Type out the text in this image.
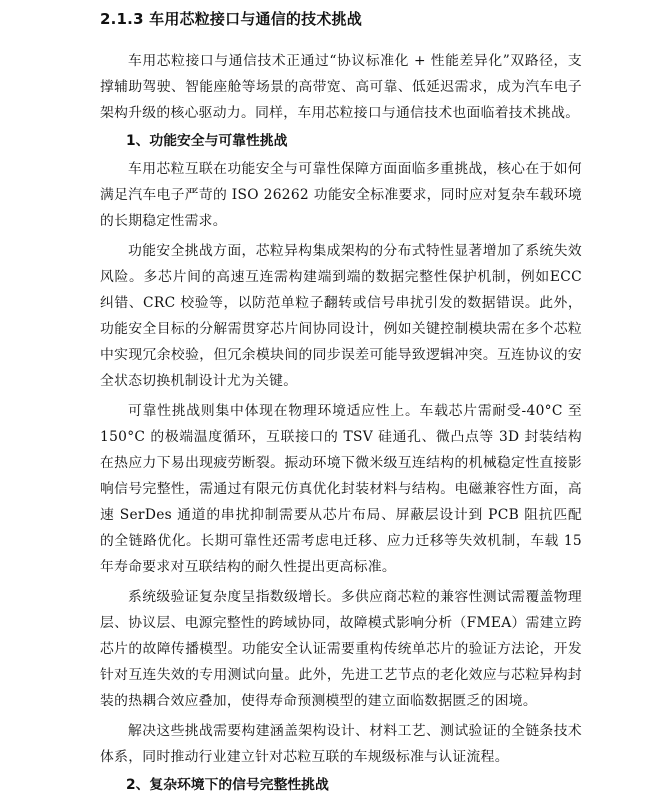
2.1.3 车用芯粒接口与通信的技术挑战

车用芯粒接口与通信技术正通过“协议标准化 + 性能差异化”双路径，支撑辅助驾驶、智能座舱等场景的高带宽、高可靠、低延迟需求，成为汽车电子架构升级的核心驱动力。同样，车用芯粒接口与通信技术也面临着技术挑战。

1、功能安全与可靠性挑战

车用芯粒互联在功能安全与可靠性保障方面面临多重挑战，核心在于如何满足汽车电子严苛的 ISO 26262 功能安全标准要求，同时应对复杂车载环境的长期稳定性需求。

功能安全挑战方面，芯粒异构集成架构的分布式特性显著增加了系统失效风险。多芯片间的高速互连需构建端到端的数据完整性保护机制，例如ECC 纠错、CRC 校验等，以防范单粒子翻转或信号串扰引发的数据错误。此外，功能安全目标的分解需贯穿芯片间协同设计，例如关键控制模块需在多个芯粒中实现冗余校验，但冗余模块间的同步误差可能导致逻辑冲突。互连协议的安全状态切换机制设计尤为关键。

可靠性挑战则集中体现在物理环境适应性上。车载芯片需耐受-40°C 至 150°C 的极端温度循环，互联接口的 TSV 硅通孔、微凸点等 3D 封装结构在热应力下易出现疲劳断裂。振动环境下微米级互连结构的机械稳定性直接影响信号完整性，需通过有限元仿真优化封装材料与结构。电磁兼容性方面，高速 SerDes 通道的串扰抑制需要从芯片布局、屏蔽层设计到 PCB 阻抗匹配的全链路优化。长期可靠性还需考虑电迁移、应力迁移等失效机制，车载 15 年寿命要求对互联结构的耐久性提出更高标准。

系统级验证复杂度呈指数级增长。多供应商芯粒的兼容性测试需覆盖物理层、协议层、电源完整性的跨域协同，故障模式影响分析（FMEA）需建立跨芯片的故障传播模型。功能安全认证需要重构传统单芯片的验证方法论，开发针对互连失效的专用测试向量。此外，先进工艺节点的老化效应与芯粒异构封装的热耦合效应叠加，使得寿命预测模型的建立面临数据匮乏的困境。

解决这些挑战需要构建涵盖架构设计、材料工艺、测试验证的全链条技术体系，同时推动行业建立针对芯粒互联的车规级标准与认证流程。

2、复杂环境下的信号完整性挑战
